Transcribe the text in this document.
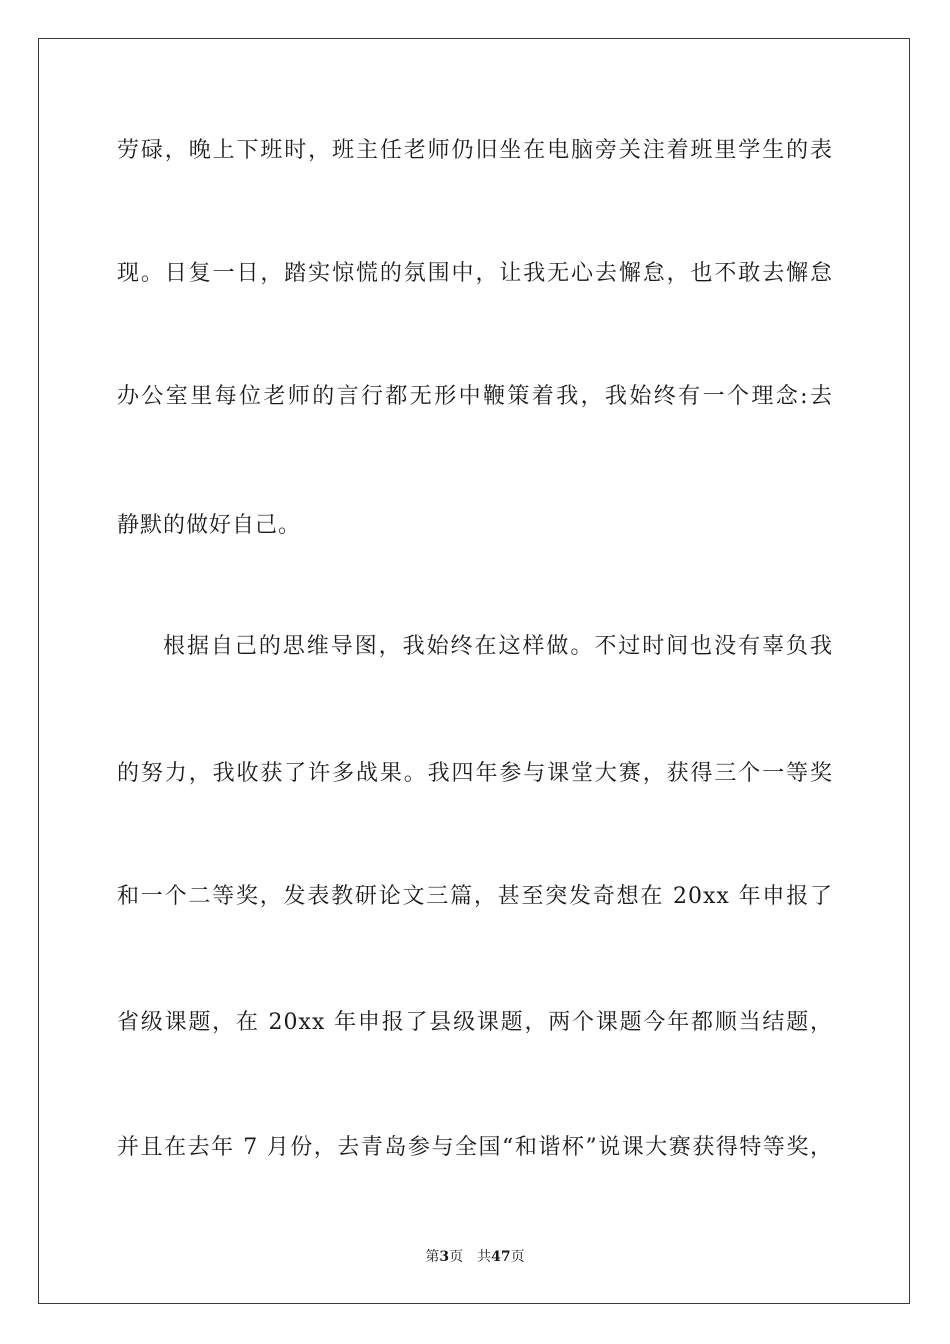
劳碌，晚上下班时，班主任老师仍旧坐在电脑旁关注着班里学生的表
现。日复一日，踏实惊慌的氛围中，让我无心去懈怠，也不敢去懈怠
办公室里每位老师的言行都无形中鞭策着我，我始终有一个理念:去
静默的做好自己。
根据自己的思维导图，我始终在这样做。不过时间也没有辜负我
的努力，我收获了许多战果。我四年参与课堂大赛，获得三个一等奖
和一个二等奖，发表教研论文三篇，甚至突发奇想在 20xx 年申报了
省级课题，在 20xx 年申报了县级课题，两个课题今年都顺当结题，
并且在去年 7 月份，去青岛参与全国“和谐杯”说课大赛获得特等奖，
第3页 共47页
